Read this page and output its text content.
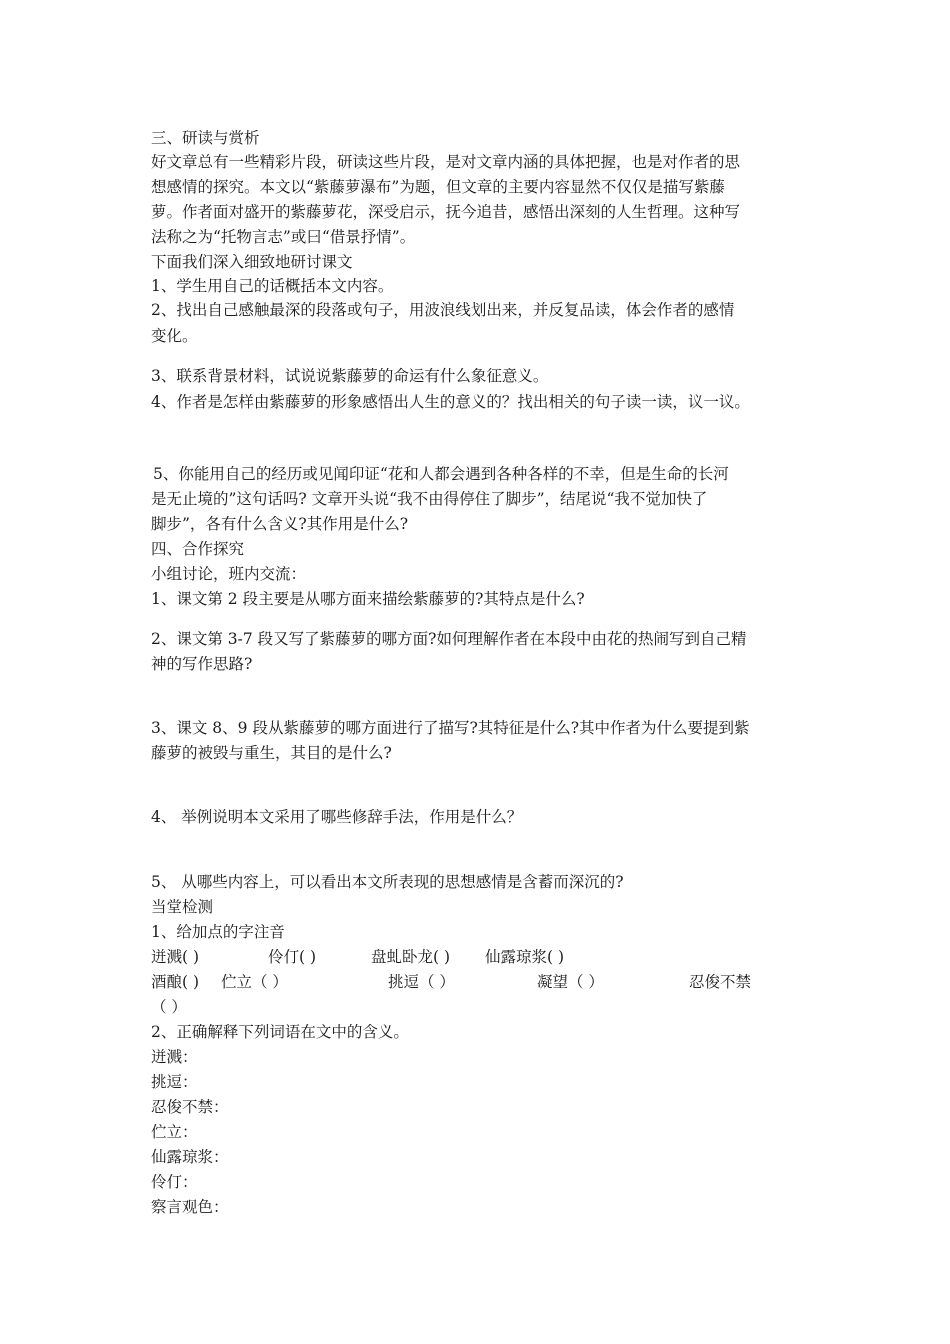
三、研读与赏析
好文章总有一些精彩片段，研读这些片段，是对文章内涵的具体把握，也是对作者的思
想感情的探究。本文以“紫藤萝瀑布”为题，但文章的主要内容显然不仅仅是描写紫藤
萝。作者面对盛开的紫藤萝花，深受启示，抚今追昔，感悟出深刻的人生哲理。这种写
法称之为“托物言志”或曰“借景抒情”。
下面我们深入细致地研讨课文
1、学生用自己的话概括本文内容。
2、找出自己感触最深的段落或句子，用波浪线划出来，并反复品读，体会作者的感情
变化。
3、联系背景材料，试说说紫藤萝的命运有什么象征意义。
4、作者是怎样由紫藤萝的形象感悟出人生的意义的？找出相关的句子读一读，议一议。
5、你能用自己的经历或见闻印证“花和人都会遇到各种各样的不幸，但是生命的长河
是无止境的”这句话吗? 文章开头说“我不由得停住了脚步”，结尾说“我不觉加快了
脚步”，各有什么含义?其作用是什么?
四、合作探究
小组讨论，班内交流：
1、课文第 2 段主要是从哪方面来描绘紫藤萝的?其特点是什么?
2、课文第 3-7 段又写了紫藤萝的哪方面?如何理解作者在本段中由花的热闹写到自己精
神的写作思路?
3、课文 8、9 段从紫藤萝的哪方面进行了描写?其特征是什么?其中作者为什么要提到紫
藤萝的被毁与重生，其目的是什么?
4、 举例说明本文采用了哪些修辞手法，作用是什么？
5、 从哪些内容上，可以看出本文所表现的思想感情是含蓄而深沉的?
当堂检测
1、给加点的字注音
迸溅( )	伶仃( )	盘虬卧龙( ) 仙露琼浆( )
酒酿( ) 伫立（ ）	挑逗（ ）	凝望（ ）	忍俊不禁
（ ）
2、正确解释下列词语在文中的含义。
迸溅：
挑逗：
忍俊不禁：
伫立：
仙露琼浆：
伶仃：
察言观色：
